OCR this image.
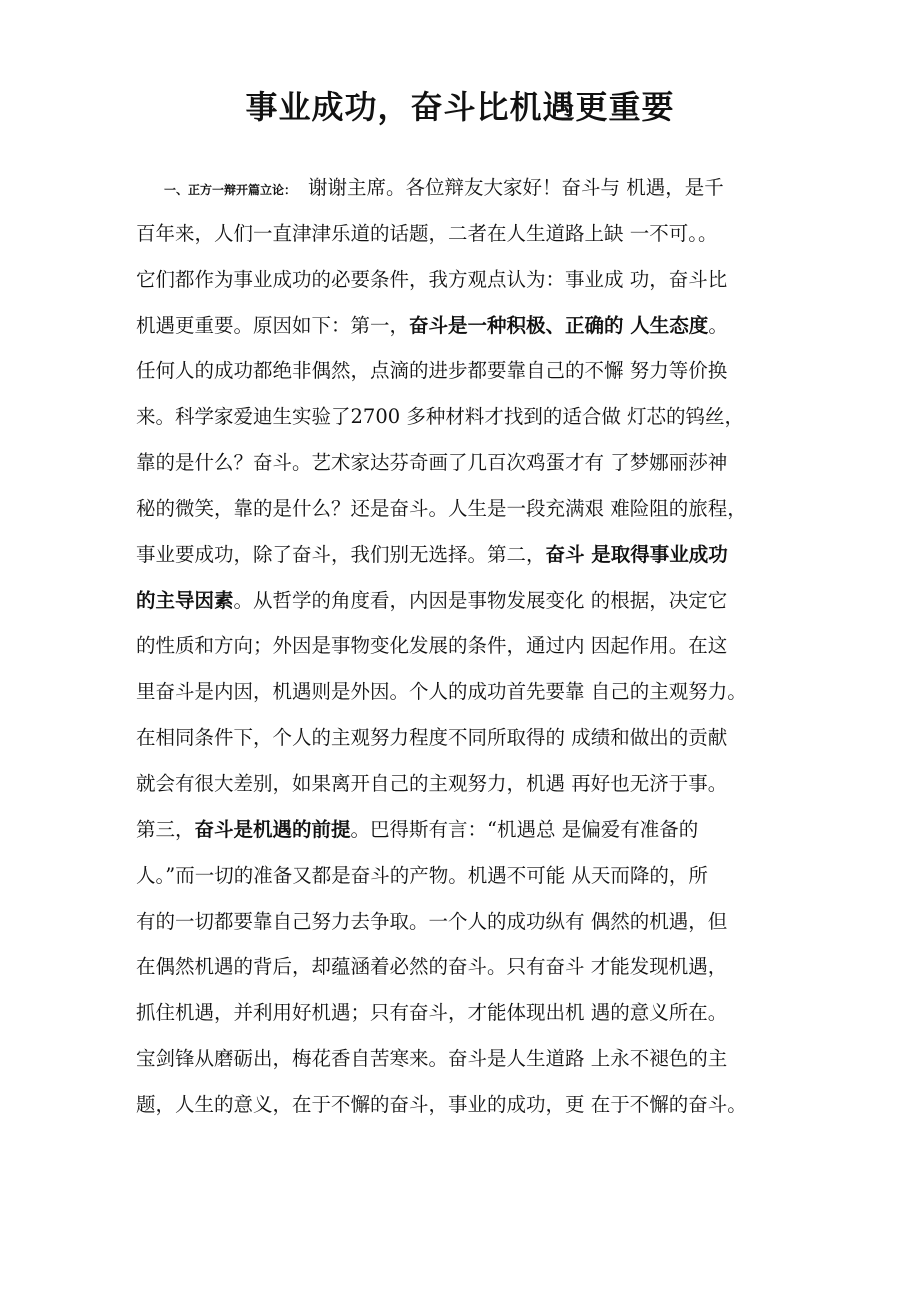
事业成功，奋斗比机遇更重要
一、正方一辩开篇立论： 谢谢主席。各位辩友大家好！奋斗与 机遇，是千
百年来，人们一直津津乐道的话题，二者在人生道路上缺 一不可。。
它们都作为事业成功的必要条件，我方观点认为：事业成 功，奋斗比
机遇更重要。原因如下：第一，奋斗是一种积极、正确的 人生态度。
任何人的成功都绝非偶然，点滴的进步都要靠自己的不懈 努力等价换
来。科学家爱迪生实验了2700 多种材料才找到的适合做 灯芯的钨丝，
靠的是什么？奋斗。艺术家达芬奇画了几百次鸡蛋才有 了梦娜丽莎神
秘的微笑，靠的是什么？还是奋斗。人生是一段充满艰 难险阻的旅程，
事业要成功，除了奋斗，我们别无选择。第二，奋斗 是取得事业成功
的主导因素。从哲学的角度看，内因是事物发展变化 的根据，决定它
的性质和方向；外因是事物变化发展的条件，通过内 因起作用。在这
里奋斗是内因，机遇则是外因。个人的成功首先要靠 自己的主观努力。
在相同条件下，个人的主观努力程度不同所取得的 成绩和做出的贡献
就会有很大差别，如果离开自己的主观努力，机遇 再好也无济于事。
第三，奋斗是机遇的前提。巴得斯有言：“机遇总 是偏爱有准备的
人。”而一切的准备又都是奋斗的产物。机遇不可能 从天而降的，所
有的一切都要靠自己努力去争取。一个人的成功纵有 偶然的机遇，但
在偶然机遇的背后，却蕴涵着必然的奋斗。只有奋斗 才能发现机遇，
抓住机遇，并利用好机遇；只有奋斗，才能体现出机 遇的意义所在。
宝剑锋从磨砺出，梅花香自苦寒来。奋斗是人生道路 上永不褪色的主
题，人生的意义，在于不懈的奋斗，事业的成功，更 在于不懈的奋斗。
